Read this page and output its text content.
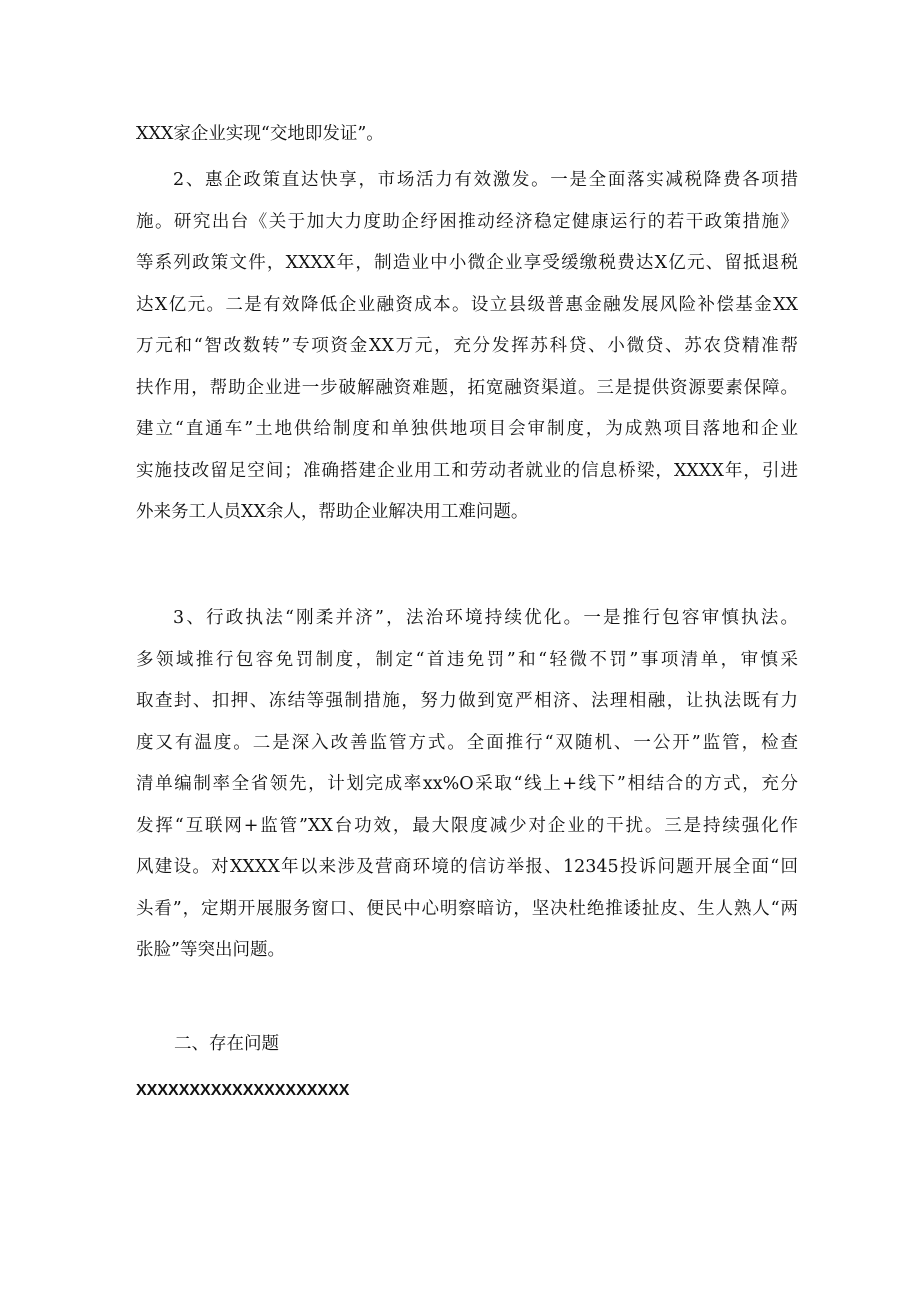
XXX家企业实现“交地即发证”。
2、惠企政策直达快享，市场活力有效激发。一是全面落实减税降费各项措
施。研究出台《关于加大力度助企纾困推动经济稳定健康运行的若干政策措施》
等系列政策文件，XXXX年，制造业中小微企业享受缓缴税费达X亿元、留抵退税
达X亿元。二是有效降低企业融资成本。设立县级普惠金融发展风险补偿基金XX
万元和“智改数转”专项资金XX万元，充分发挥苏科贷、小微贷、苏农贷精准帮
扶作用，帮助企业进一步破解融资难题，拓宽融资渠道。三是提供资源要素保障。
建立“直通车”土地供给制度和单独供地项目会审制度，为成熟项目落地和企业
实施技改留足空间；准确搭建企业用工和劳动者就业的信息桥梁，XXXX年，引进
外来务工人员XX余人，帮助企业解决用工难问题。
3、行政执法“刚柔并济”，法治环境持续优化。一是推行包容审慎执法。
多领域推行包容免罚制度，制定“首违免罚”和“轻微不罚”事项清单，审慎采
取查封、扣押、冻结等强制措施，努力做到宽严相济、法理相融，让执法既有力
度又有温度。二是深入改善监管方式。全面推行“双随机、一公开”监管，检查
清单编制率全省领先，计划完成率xx%O采取“线上+线下”相结合的方式，充分
发挥“互联网+监管”XX台功效，最大限度减少对企业的干扰。三是持续强化作
风建设。对XXXX年以来涉及营商环境的信访举报、12345投诉问题开展全面“回
头看”，定期开展服务窗口、便民中心明察暗访，坚决杜绝推诿扯皮、生人熟人“两
张脸”等突出问题。
二、存在问题
XXXXXXXXXXXXXXXXXXXX
